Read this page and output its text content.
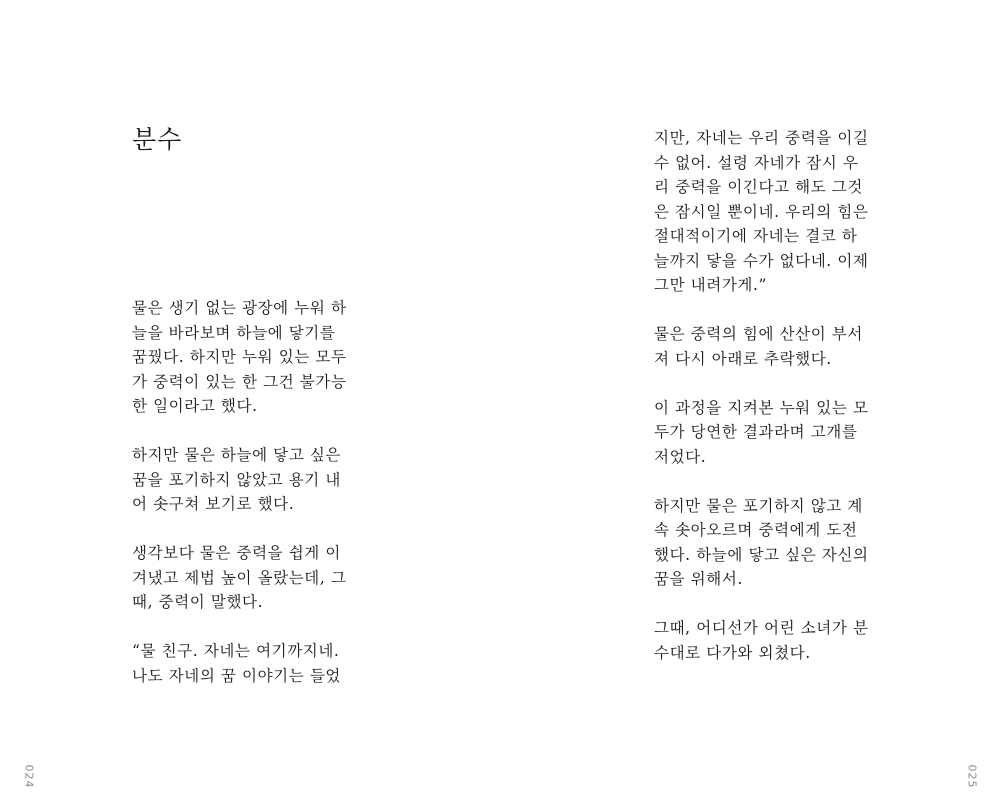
분수

물은 생기 없는 광장에 누워 하
늘을 바라보며 하늘에 닿기를
꿈꿨다. 하지만 누워 있는 모두
가 중력이 있는 한 그건 불가능
한 일이라고 했다.

하지만 물은 하늘에 닿고 싶은
꿈을 포기하지 않았고 용기 내
어 솟구쳐 보기로 했다.

생각보다 물은 중력을 쉽게 이
겨냈고 제법 높이 올랐는데, 그
때, 중력이 말했다.

“물 친구. 자네는 여기까지네.
나도 자네의 꿈 이야기는 들었

024	025

지만, 자네는 우리 중력을 이길
수 없어. 설령 자네가 잠시 우
리 중력을 이긴다고 해도 그것
은 잠시일 뿐이네. 우리의 힘은
절대적이기에 자네는 결코 하
늘까지 닿을 수가 없다네. 이제
그만 내려가게.”

물은 중력의 힘에 산산이 부서
져 다시 아래로 추락했다.

이 과정을 지켜본 누워 있는 모
두가 당연한 결과라며 고개를
저었다.

하지만 물은 포기하지 않고 계
속 솟아오르며 중력에게 도전
했다. 하늘에 닿고 싶은 자신의
꿈을 위해서.

그때, 어디선가 어린 소녀가 분
수대로 다가와 외쳤다.
